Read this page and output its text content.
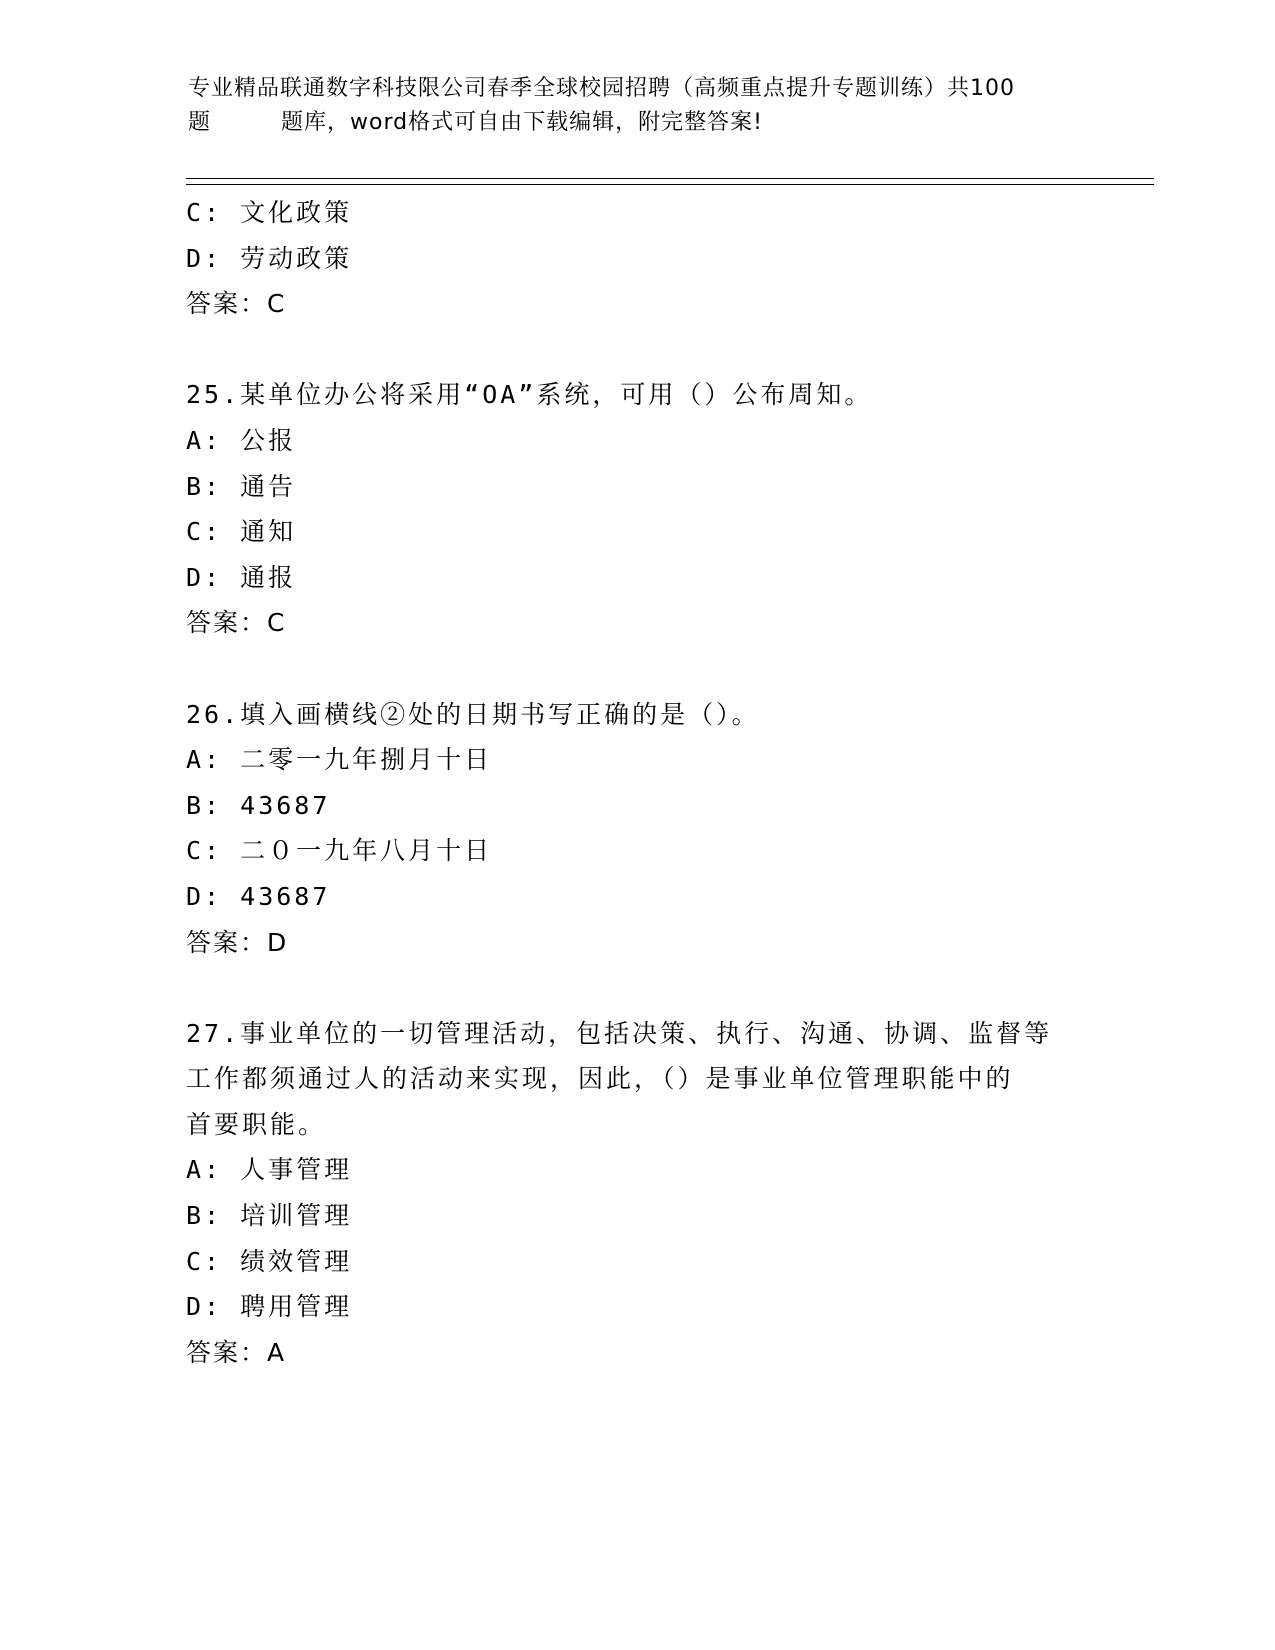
专业精品联通数字科技限公司春季全球校园招聘（高频重点提升专题训练）共100
题	题库，word格式可自由下载编辑，附完整答案!
C: 文化政策
D: 劳动政策
答案：C
25.某单位办公将采用“OA”系统，可用（）公布周知。
A: 公报
B: 通告
C: 通知
D: 通报
答案：C
26.填入画横线②处的日期书写正确的是（）。
A: 二零一九年捌月十日
B: 43687
C: 二０一九年八月十日
D: 43687
答案：D
27.事业单位的一切管理活动，包括决策、执行、沟通、协调、监督等
工作都须通过人的活动来实现，因此，（）是事业单位管理职能中的
首要职能。
A: 人事管理
B: 培训管理
C: 绩效管理
D: 聘用管理
答案：A
